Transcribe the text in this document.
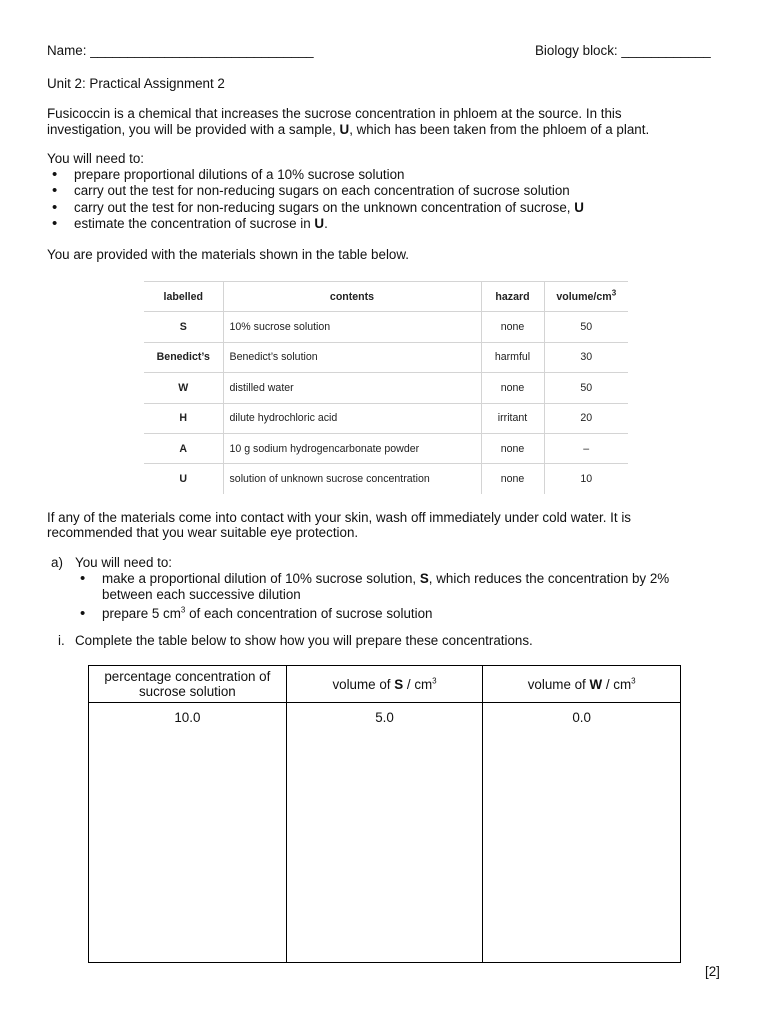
Name: ______________________________	Biology block: ____________
Unit 2: Practical Assignment 2
Fusicoccin is a chemical that increases the sucrose concentration in phloem at the source. In this
investigation, you will be provided with a sample, U, which has been taken from the phloem of a plant.
You will need to:
• prepare proportional dilutions of a 10% sucrose solution
• carry out the test for non-reducing sugars on each concentration of sucrose solution
• carry out the test for non-reducing sugars on the unknown concentration of sucrose, U
• estimate the concentration of sucrose in U.
You are provided with the materials shown in the table below.
labelled	contents	hazard	volume/$cm^3$
S	10% sucrose solution	none	50
Benedict’s	Benedict’s solution	harmful	30
W	distilled water	none	50
H	dilute hydrochloric acid	irritant	20
A	10 g sodium hydrogencarbonate powder	none	–
U	solution of unknown sucrose concentration	none	10
If any of the materials come into contact with your skin, wash off immediately under cold water. It is
recommended that you wear suitable eye protection.
a) You will need to:
• make a proportional dilution of 10% sucrose solution, S, which reduces the concentration by 2%
between each successive dilution
• prepare 5 $cm^3$ of each concentration of sucrose solution
i. Complete the table below to show how you will prepare these concentrations.
percentage concentration of
sucrose solution	volume of S / $cm^3$	volume of W / $cm^3$
10.0	5.0	0.0
[2]
